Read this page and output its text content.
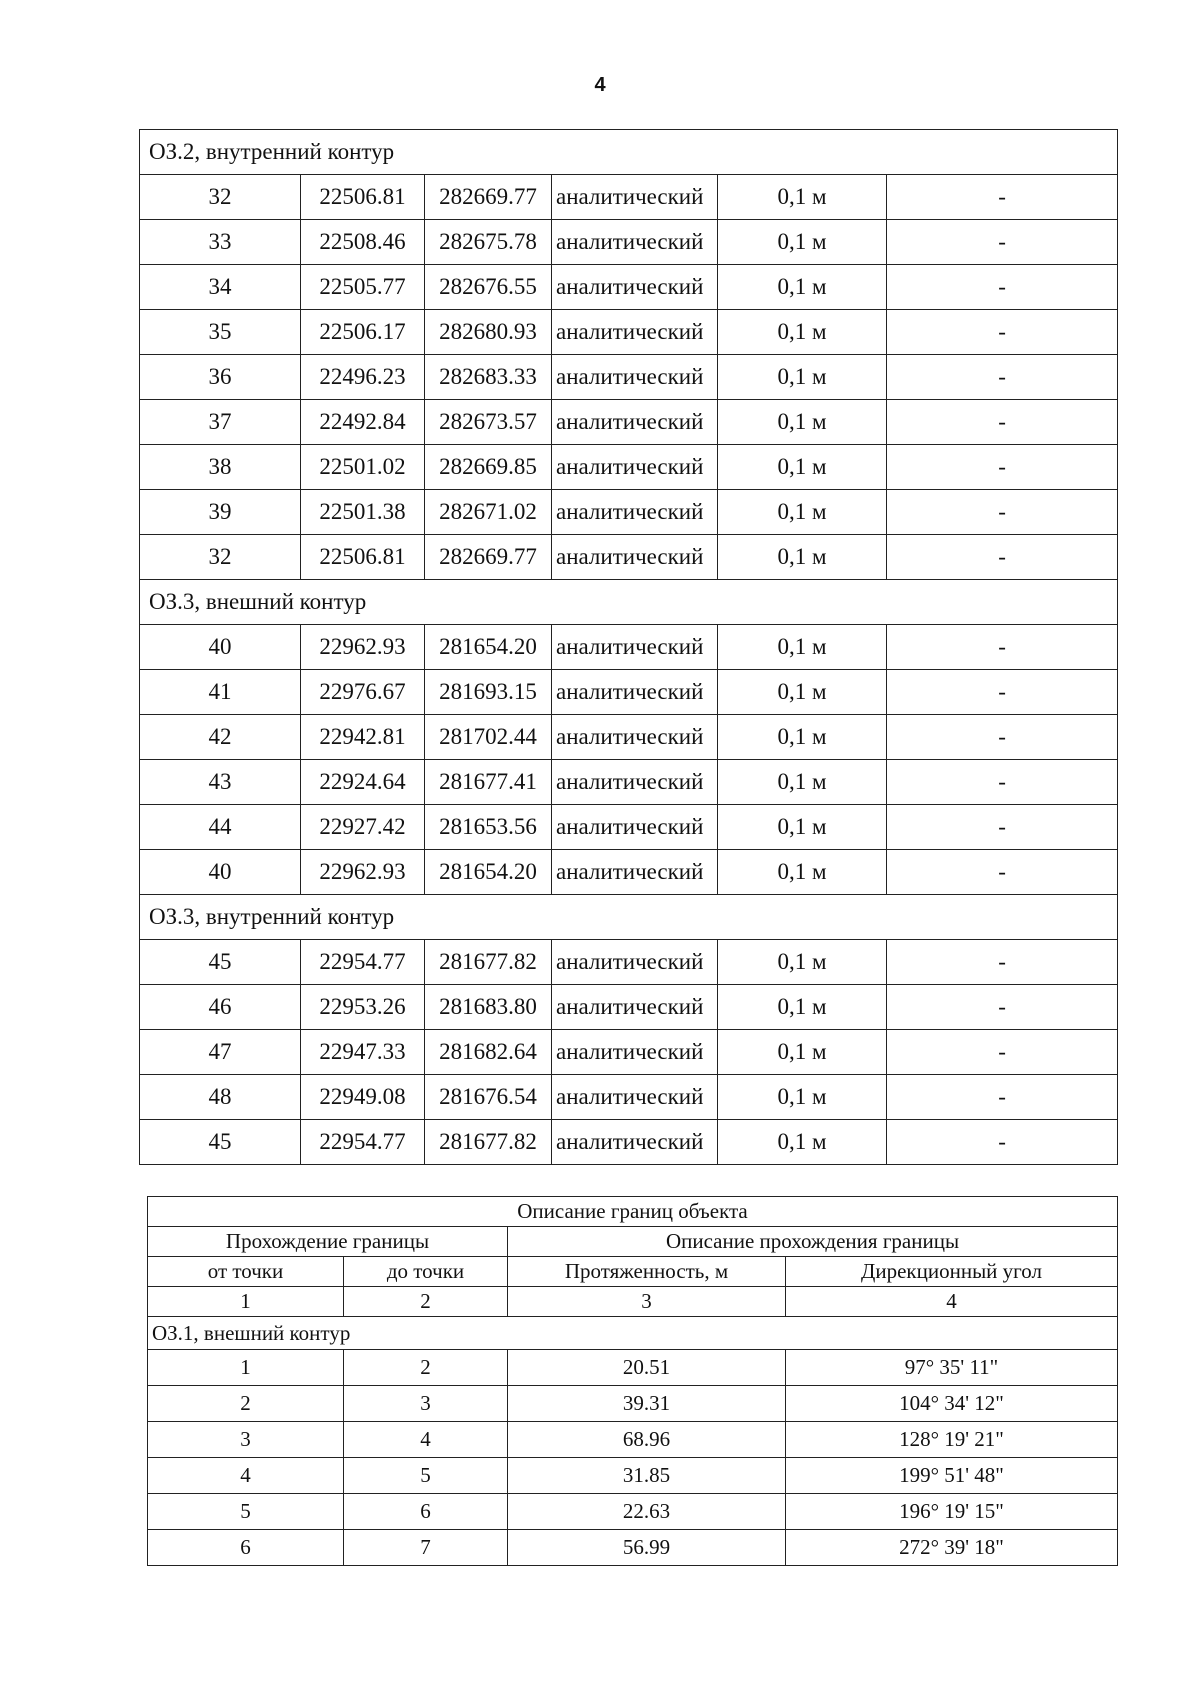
4
ОЗ.2, внутренний контур					
32	22506.81	282669.77	аналитический	0,1 м	-
33	22508.46	282675.78	аналитический	0,1 м	-
34	22505.77	282676.55	аналитический	0,1 м	-
35	22506.17	282680.93	аналитический	0,1 м	-
36	22496.23	282683.33	аналитический	0,1 м	-
37	22492.84	282673.57	аналитический	0,1 м	-
38	22501.02	282669.85	аналитический	0,1 м	-
39	22501.38	282671.02	аналитический	0,1 м	-
32	22506.81	282669.77	аналитический	0,1 м	-
ОЗ.3, внешний контур					
40	22962.93	281654.20	аналитический	0,1 м	-
41	22976.67	281693.15	аналитический	0,1 м	-
42	22942.81	281702.44	аналитический	0,1 м	-
43	22924.64	281677.41	аналитический	0,1 м	-
44	22927.42	281653.56	аналитический	0,1 м	-
40	22962.93	281654.20	аналитический	0,1 м	-
ОЗ.3, внутренний контур					
45	22954.77	281677.82	аналитический	0,1 м	-
46	22953.26	281683.80	аналитический	0,1 м	-
47	22947.33	281682.64	аналитический	0,1 м	-
48	22949.08	281676.54	аналитический	0,1 м	-
45	22954.77	281677.82	аналитический	0,1 м	-
Описание границ объекта			
Прохождение границы		Описание прохождения границы	
от точки	до точки	Протяженность, м	Дирекционный угол
1	2	3	4
ОЗ.1, внешний контур			
1	2	20.51	97° 35' 11"
2	3	39.31	104° 34' 12"
3	4	68.96	128° 19' 21"
4	5	31.85	199° 51' 48"
5	6	22.63	196° 19' 15"
6	7	56.99	272° 39' 18"
